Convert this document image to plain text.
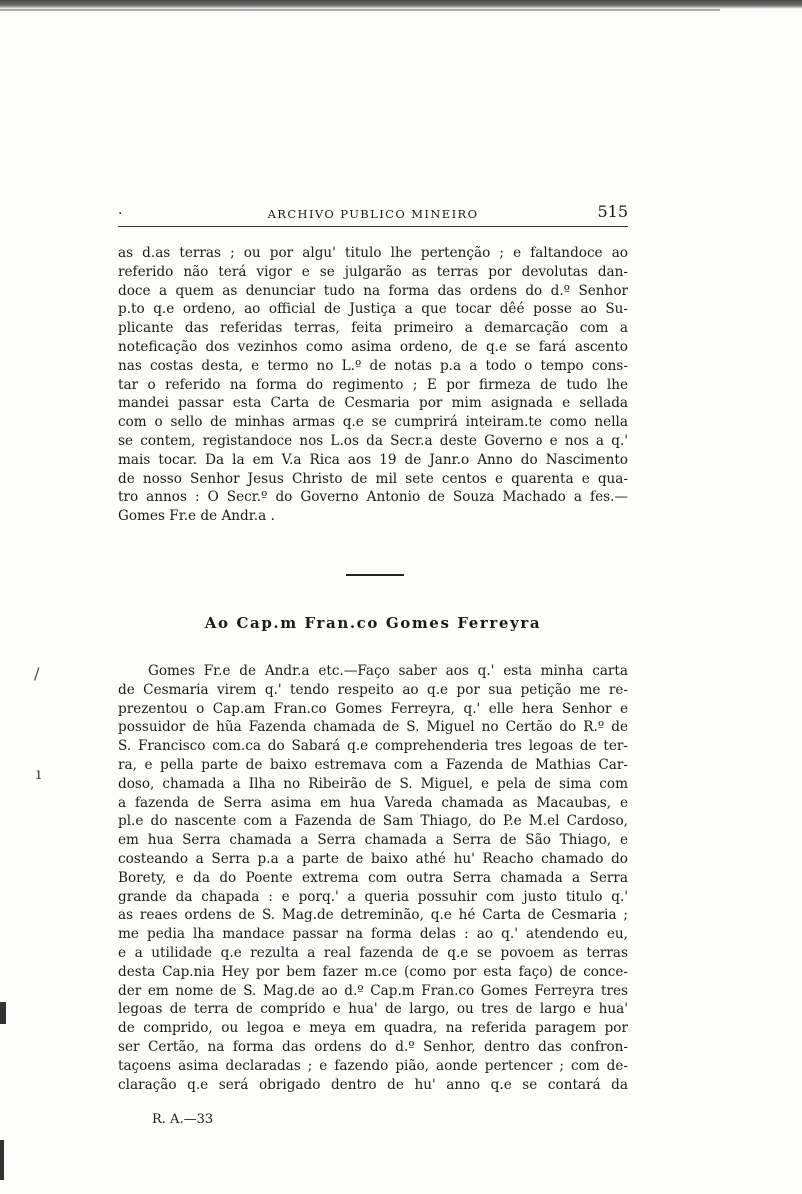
·	ARCHIVO PUBLICO MINEIRO	515
as d.as terras ; ou por algu' titulo lhe pertenção ; e faltandoce ao
referido não terá vigor e se julgarão as terras por devolutas dan-
doce a quem as denunciar tudo na forma das ordens do d.º Senhor
p.to q.e ordeno, ao official de Justiça a que tocar dêé posse ao Su-
plicante das referidas terras, feita primeiro a demarcação com a
noteficação dos vezinhos como asima ordeno, de q.e se fará ascento
nas costas desta, e termo no L.º de notas p.a a todo o tempo cons-
tar o referido na forma do regimento ; E por firmeza de tudo lhe
mandei passar esta Carta de Cesmaria por mim asignada e sellada
com o sello de minhas armas q.e se cumprirá inteiram.te como nella
se contem, registandoce nos L.os da Secr.a deste Governo e nos a q.'
mais tocar. Da la em V.a Rica aos 19 de Janr.o Anno do Nascimento
de nosso Senhor Jesus Christo de mil sete centos e quarenta e qua-
tro annos : O Secr.º do Governo Antonio de Souza Machado a fes.—
Gomes Fr.e de Andr.a .
Ao Cap.m Fran.co Gomes Ferreyra
Gomes Fr.e de Andr.a etc.—Faço saber aos q.' esta minha carta
de Cesmaria virem q.' tendo respeito ao q.e por sua petição me re-
prezentou o Cap.am Fran.co Gomes Ferreyra, q.' elle hera Senhor e
possuidor de hũa Fazenda chamada de S. Miguel no Certão do R.º de
S. Francisco com.ca do Sabará q.e comprehenderia tres legoas de ter-
ra, e pella parte de baixo estremava com a Fazenda de Mathias Car-
doso, chamada a Ilha no Ribeirão de S. Miguel, e pela de sima com
a fazenda de Serra asima em hua Vareda chamada as Macaubas, e
pl.e do nascente com a Fazenda de Sam Thiago, do P.e M.el Cardoso,
em hua Serra chamada a Serra chamada a Serra de São Thiago, e
costeando a Serra p.a a parte de baixo athé hu' Reacho chamado do
Borety, e da do Poente extrema com outra Serra chamada a Serra
grande da chapada : e porq.' a queria possuhir com justo titulo q.'
as reaes ordens de S. Mag.de detreminão, q.e hé Carta de Cesmaria ;
me pedia lha mandace passar na forma delas : ao q.' atendendo eu,
e a utilidade q.e rezulta a real fazenda de q.e se povoem as terras
desta Cap.nia Hey por bem fazer m.ce (como por esta faço) de conce-
der em nome de S. Mag.de ao d.º Cap.m Fran.co Gomes Ferreyra tres
legoas de terra de comprido e hua' de largo, ou tres de largo e hua'
de comprido, ou legoa e meya em quadra, na referida paragem por
ser Certão, na forma das ordens do d.º Senhor, dentro das confron-
taçoens asima declaradas ; e fazendo pião, aonde pertencer ; com de-
claração q.e será obrigado dentro de hu' anno q.e se contará da
R. A.—33
/
ı
